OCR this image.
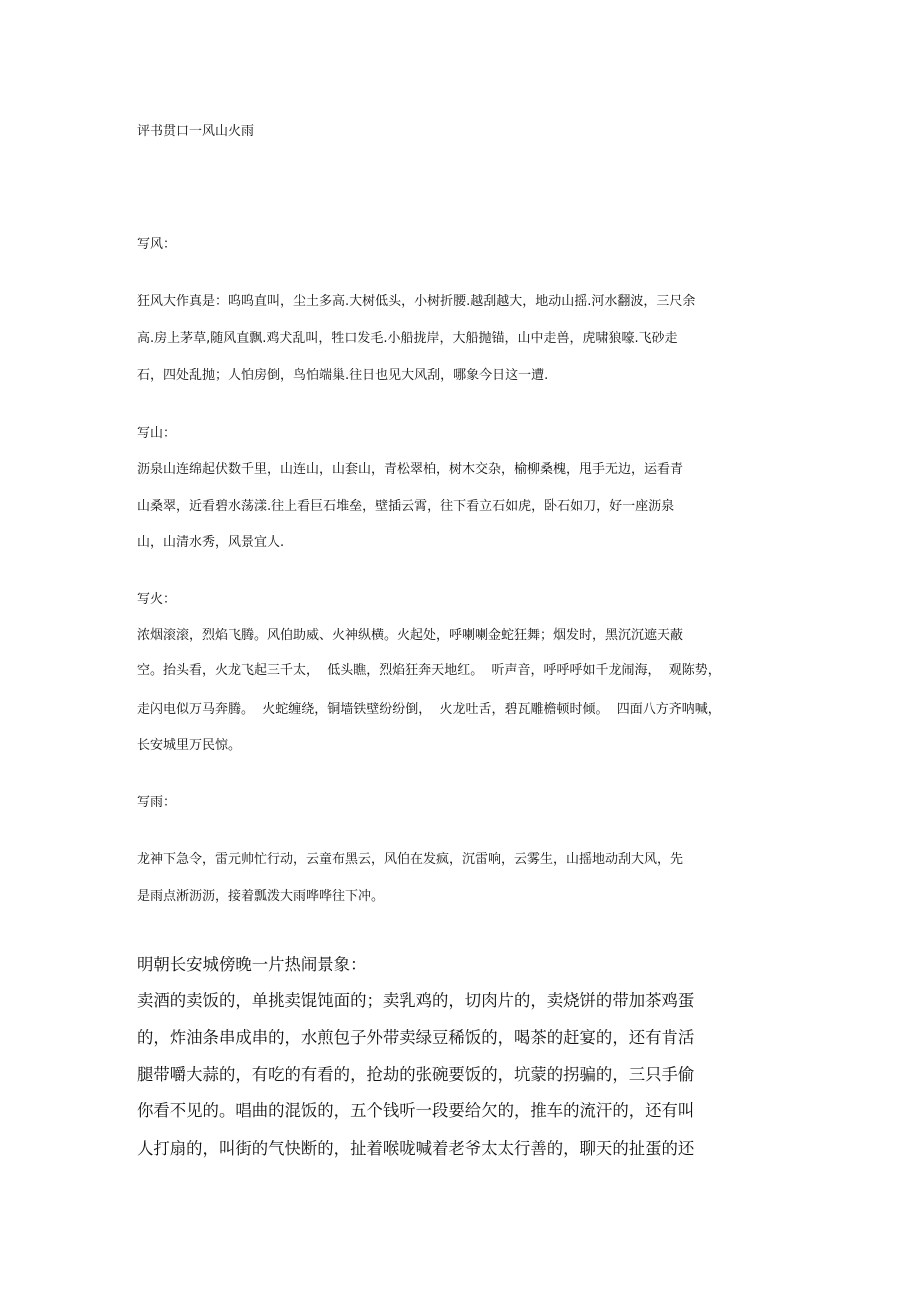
评书贯口一风山火雨
写风：
狂风大作真是：呜呜直叫，尘土多高.大树低头，小树折腰.越刮越大，地动山摇.河水翻波，三尺余
高.房上茅草,随风直飘.鸡犬乱叫，牲口发毛.小船拢岸，大船抛锚，山中走兽，虎啸狼嚎.飞砂走
石，四处乱抛；人怕房倒，鸟怕端巢.往日也见大风刮，哪象今日这一遭.
写山：
沥泉山连绵起伏数千里，山连山，山套山，青松翠柏，树木交杂，榆柳桑槐，甩手无边，运看青
山桑翠，近看碧水荡漾.往上看巨石堆垒，壁插云霄，往下看立石如虎，卧石如刀，好一座沥泉
山，山清水秀，风景宜人.
写火：
浓烟滚滚，烈焰飞腾。风伯助威、火神纵横。火起处，呼喇喇金蛇狂舞；烟发时，黑沉沉遮天蔽
空。抬头看，火龙飞起三千太，  低头瞧，烈焰狂奔天地红。  听声音，呼呼呼如千龙闹海，  观陈势，
走闪电似万马奔腾。  火蛇缠绕，铜墙铁壁纷纷倒，  火龙吐舌，碧瓦雕檐顿时倾。  四面八方齐呐喊，
长安城里万民惊。
写雨：
龙神下急令，雷元帅忙行动，云童布黑云，风伯在发疯，沉雷响，云雾生，山摇地动刮大风，先
是雨点淅沥沥，接着瓢泼大雨哗哗往下冲。
明朝长安城傍晚一片热闹景象：
卖酒的卖饭的，单挑卖馄饨面的；卖乳鸡的，切肉片的，卖烧饼的带加茶鸡蛋
的，炸油条串成串的，水煎包子外带卖绿豆稀饭的，喝茶的赶宴的，还有肯活
腿带嚼大蒜的，有吃的有看的，抢劫的张碗要饭的，坑蒙的拐骗的，三只手偷
你看不见的。唱曲的混饭的，五个钱听一段要给欠的，推车的流汗的，还有叫
人打扇的，叫街的气快断的，扯着喉咙喊着老爷太太行善的，聊天的扯蛋的还
